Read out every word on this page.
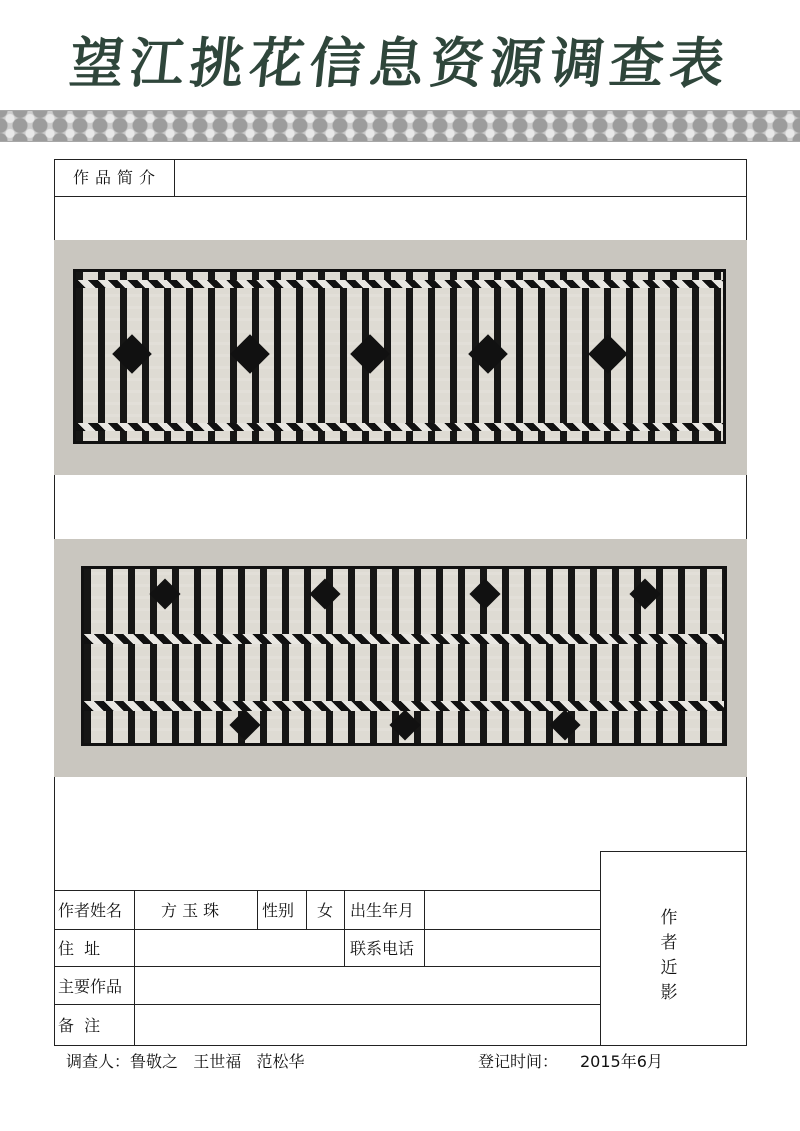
望江挑花信息资源调查表
作品简介
作
者
近
影
作者姓名 方 玉 珠	性别 女 出生年月
住  址	联系电话
主要作品
备  注
调查人： 鲁敬之   王世福   范松华	登记时间： 2015年6月
